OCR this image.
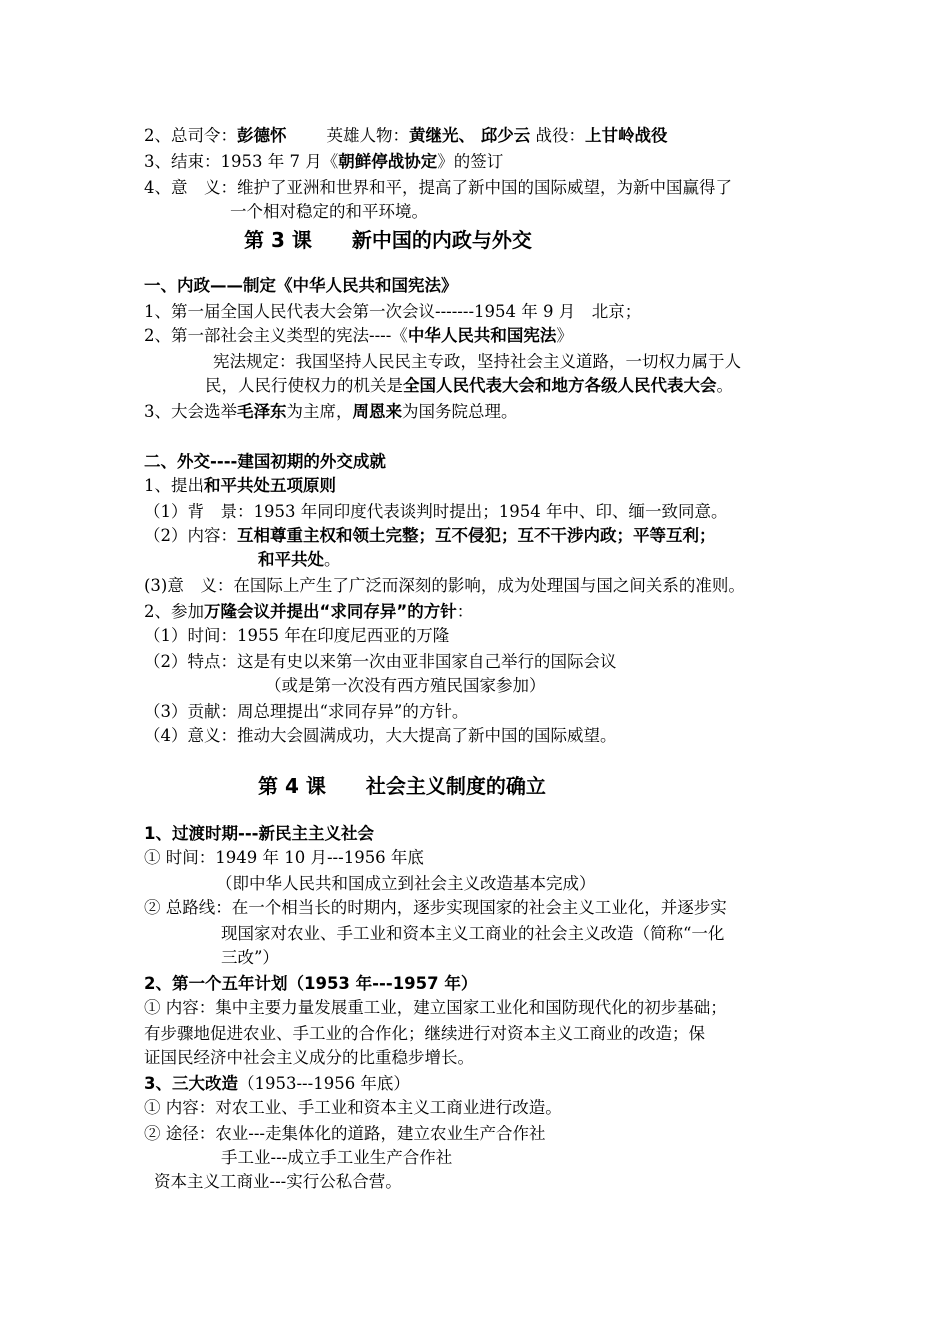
2、总司令：彭德怀 英雄人物：黄继光、 邱少云 战役：上甘岭战役
3、结束：1953 年 7 月《朝鲜停战协定》的签订
4、意　义：维护了亚洲和世界和平，提高了新中国的国际威望，为新中国赢得了
一个相对稳定的和平环境。
第 3 课 新中国的内政与外交
一、内政——制定《中华人民共和国宪法》
1、第一届全国人民代表大会第一次会议-------1954 年 9 月　北京；
2、第一部社会主义类型的宪法----《中华人民共和国宪法》
宪法规定：我国坚持人民民主专政，坚持社会主义道路，一切权力属于人
民，人民行使权力的机关是全国人民代表大会和地方各级人民代表大会。
3、大会选举毛泽东为主席，周恩来为国务院总理。
二、外交----建国初期的外交成就
1、提出和平共处五项原则
（1）背　景：1953 年同印度代表谈判时提出；1954 年中、印、缅一致同意。
（2）内容：互相尊重主权和领土完整；互不侵犯；互不干涉内政；平等互利；
和平共处。
(3)意　义：在国际上产生了广泛而深刻的影响，成为处理国与国之间关系的准则。
2、参加万隆会议并提出“求同存异”的方针：
（1）时间：1955 年在印度尼西亚的万隆
（2）特点：这是有史以来第一次由亚非国家自己举行的国际会议
（或是第一次没有西方殖民国家参加）
（3）贡献：周总理提出“求同存异”的方针。
（4）意义：推动大会圆满成功，大大提高了新中国的国际威望。
第 4 课 社会主义制度的确立
1、过渡时期---新民主主义社会
① 时间：1949 年 10 月---1956 年底
（即中华人民共和国成立到社会主义改造基本完成）
② 总路线：在一个相当长的时期内，逐步实现国家的社会主义工业化，并逐步实
现国家对农业、手工业和资本主义工商业的社会主义改造（简称“一化
三改”）
2、第一个五年计划（1953 年---1957 年）
① 内容：集中主要力量发展重工业，建立国家工业化和国防现代化的初步基础；
有步骤地促进农业、手工业的合作化；继续进行对资本主义工商业的改造；保
证国民经济中社会主义成分的比重稳步增长。
3、三大改造（1953---1956 年底）
① 内容：对农工业、手工业和资本主义工商业进行改造。
② 途径：农业---走集体化的道路，建立农业生产合作社
手工业---成立手工业生产合作社
资本主义工商业---实行公私合营。
